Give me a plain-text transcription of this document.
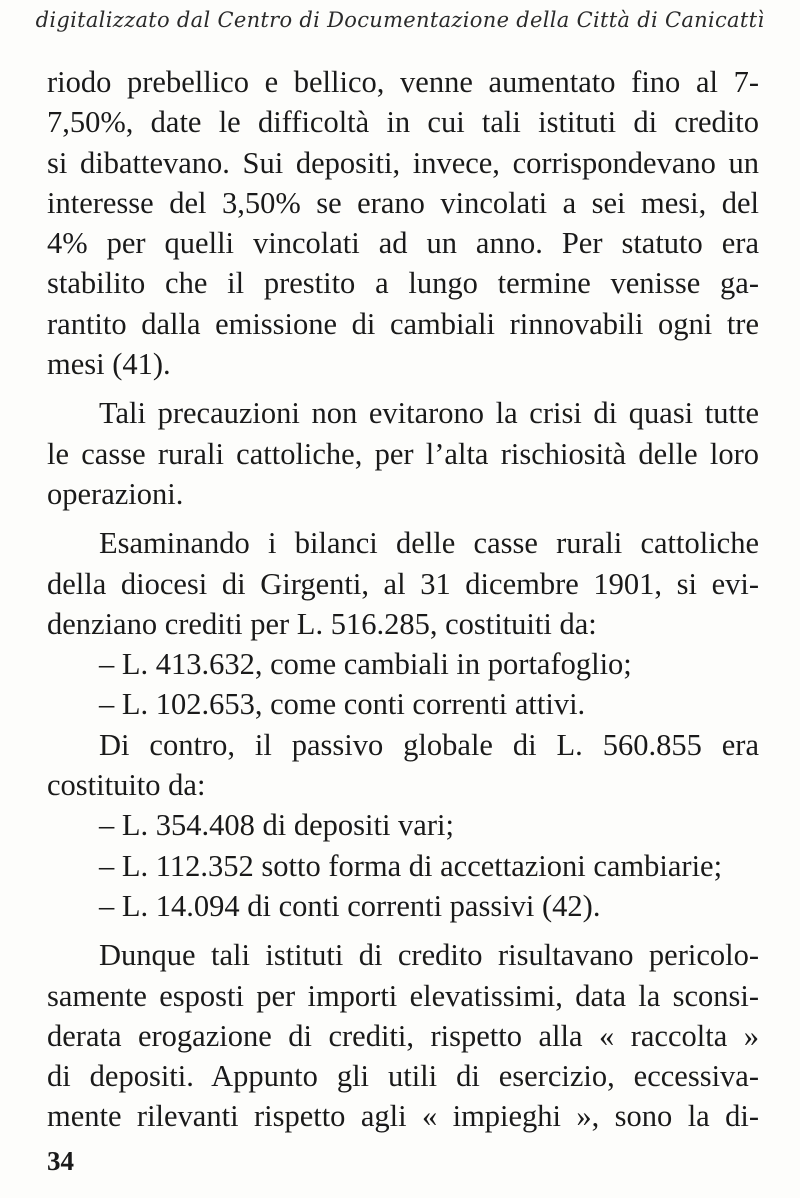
digitalizzato dal Centro di Documentazione della Città di Canicattì
riodo prebellico e bellico, venne aumentato fino al 7-
7,50%, date le difficoltà in cui tali istituti di credito
si dibattevano. Sui depositi, invece, corrispondevano un
interesse del 3,50% se erano vincolati a sei mesi, del
4% per quelli vincolati ad un anno. Per statuto era
stabilito che il prestito a lungo termine venisse ga-
rantito dalla emissione di cambiali rinnovabili ogni tre
mesi (41).
Tali precauzioni non evitarono la crisi di quasi tutte
le casse rurali cattoliche, per l’alta rischiosità delle loro
operazioni.
Esaminando i bilanci delle casse rurali cattoliche
della diocesi di Girgenti, al 31 dicembre 1901, si evi-
denziano crediti per L. 516.285, costituiti da:
– L. 413.632, come cambiali in portafoglio;
– L. 102.653, come conti correnti attivi.
Di contro, il passivo globale di L. 560.855 era
costituito da:
– L. 354.408 di depositi vari;
– L. 112.352 sotto forma di accettazioni cambiarie;
– L. 14.094 di conti correnti passivi (42).
Dunque tali istituti di credito risultavano pericolo-
samente esposti per importi elevatissimi, data la sconsi-
derata erogazione di crediti, rispetto alla « raccolta »
di depositi. Appunto gli utili di esercizio, eccessiva-
mente rilevanti rispetto agli « impieghi », sono la di-
34
